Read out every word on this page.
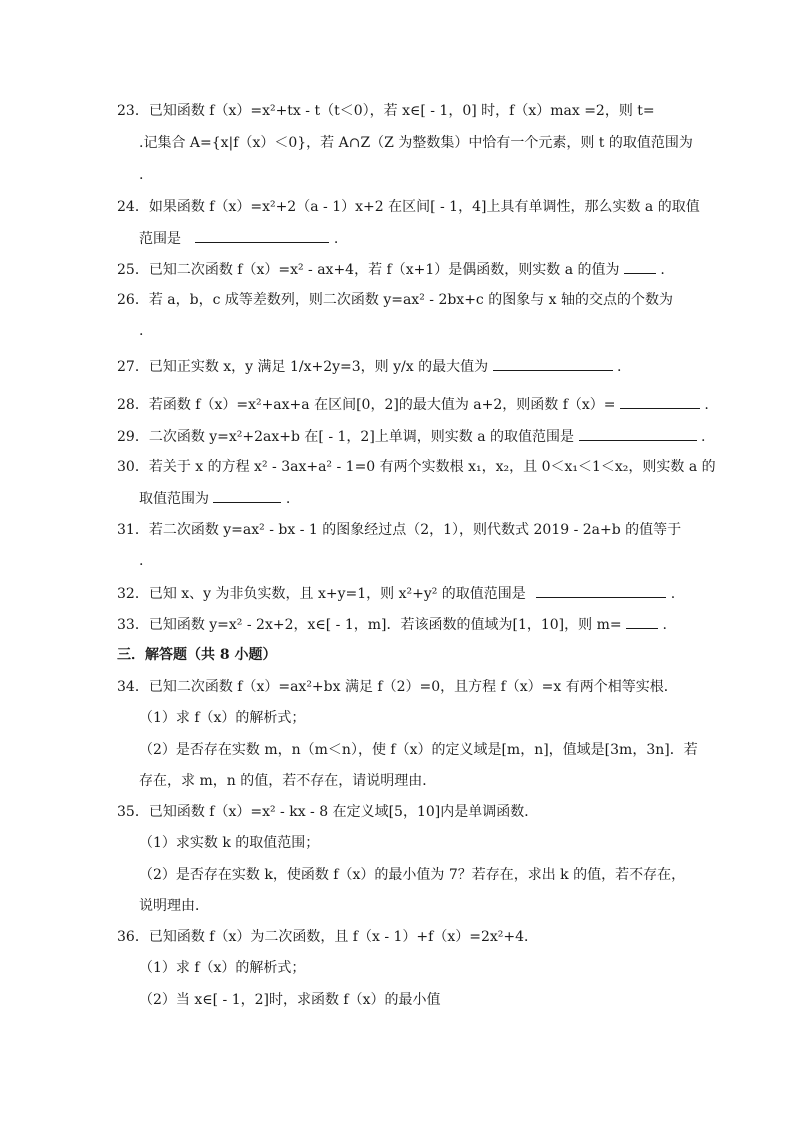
23．已知函数 f（x）=x²+tx - t（t＜0），若 x∈[ - 1，0] 时，f（x）max =2，则 t=
.记集合 A={x|f（x）＜0}，若 A∩Z（Z 为整数集）中恰有一个元素，则 t 的取值范围为
.
24．如果函数 f（x）=x²+2（a - 1）x+2 在区间[ - 1，4]上具有单调性，那么实数 a 的取值
范围是	.
25．已知二次函数 f（x）=x² - ax+4，若 f（x+1）是偶函数，则实数 a 的值为	.
26．若 a，b，c 成等差数列，则二次函数 y=ax² - 2bx+c 的图象与 x 轴的交点的个数为
.
27．已知正实数 x，y 满足 1/x+2y=3，则 y/x 的最大值为	.
28．若函数 f（x）=x²+ax+a 在区间[0，2]的最大值为 a+2，则函数 f（x）=	.
29．二次函数 y=x²+2ax+b 在[ - 1，2]上单调，则实数 a 的取值范围是	.
30．若关于 x 的方程 x² - 3ax+a² - 1=0 有两个实数根 x₁，x₂，且 0＜x₁＜1＜x₂，则实数 a 的
取值范围为	.
31．若二次函数 y=ax² - bx - 1 的图象经过点（2，1），则代数式 2019 - 2a+b 的值等于
.
32．已知 x、y 为非负实数，且 x+y=1，则 x²+y² 的取值范围是	.
33．已知函数 y=x² - 2x+2，x∈[ - 1，m]．若该函数的值域为[1，10]，则 m=	.
三．解答题（共 8 小题）
34．已知二次函数 f（x）=ax²+bx 满足 f（2）=0，且方程 f（x）=x 有两个相等实根．
（1）求 f（x）的解析式；
（2）是否存在实数 m，n（m＜n），使 f（x）的定义域是[m，n]，值域是[3m，3n]．若
存在，求 m，n 的值，若不存在，请说明理由．
35．已知函数 f（x）=x² - kx - 8 在定义域[5，10]内是单调函数．
（1）求实数 k 的取值范围；
（2）是否存在实数 k，使函数 f（x）的最小值为 7？若存在，求出 k 的值，若不存在，
说明理由．
36．已知函数 f（x）为二次函数，且 f（x - 1）+f（x）=2x²+4．
（1）求 f（x）的解析式；
（2）当 x∈[ - 1，2]时，求函数 f（x）的最小值
